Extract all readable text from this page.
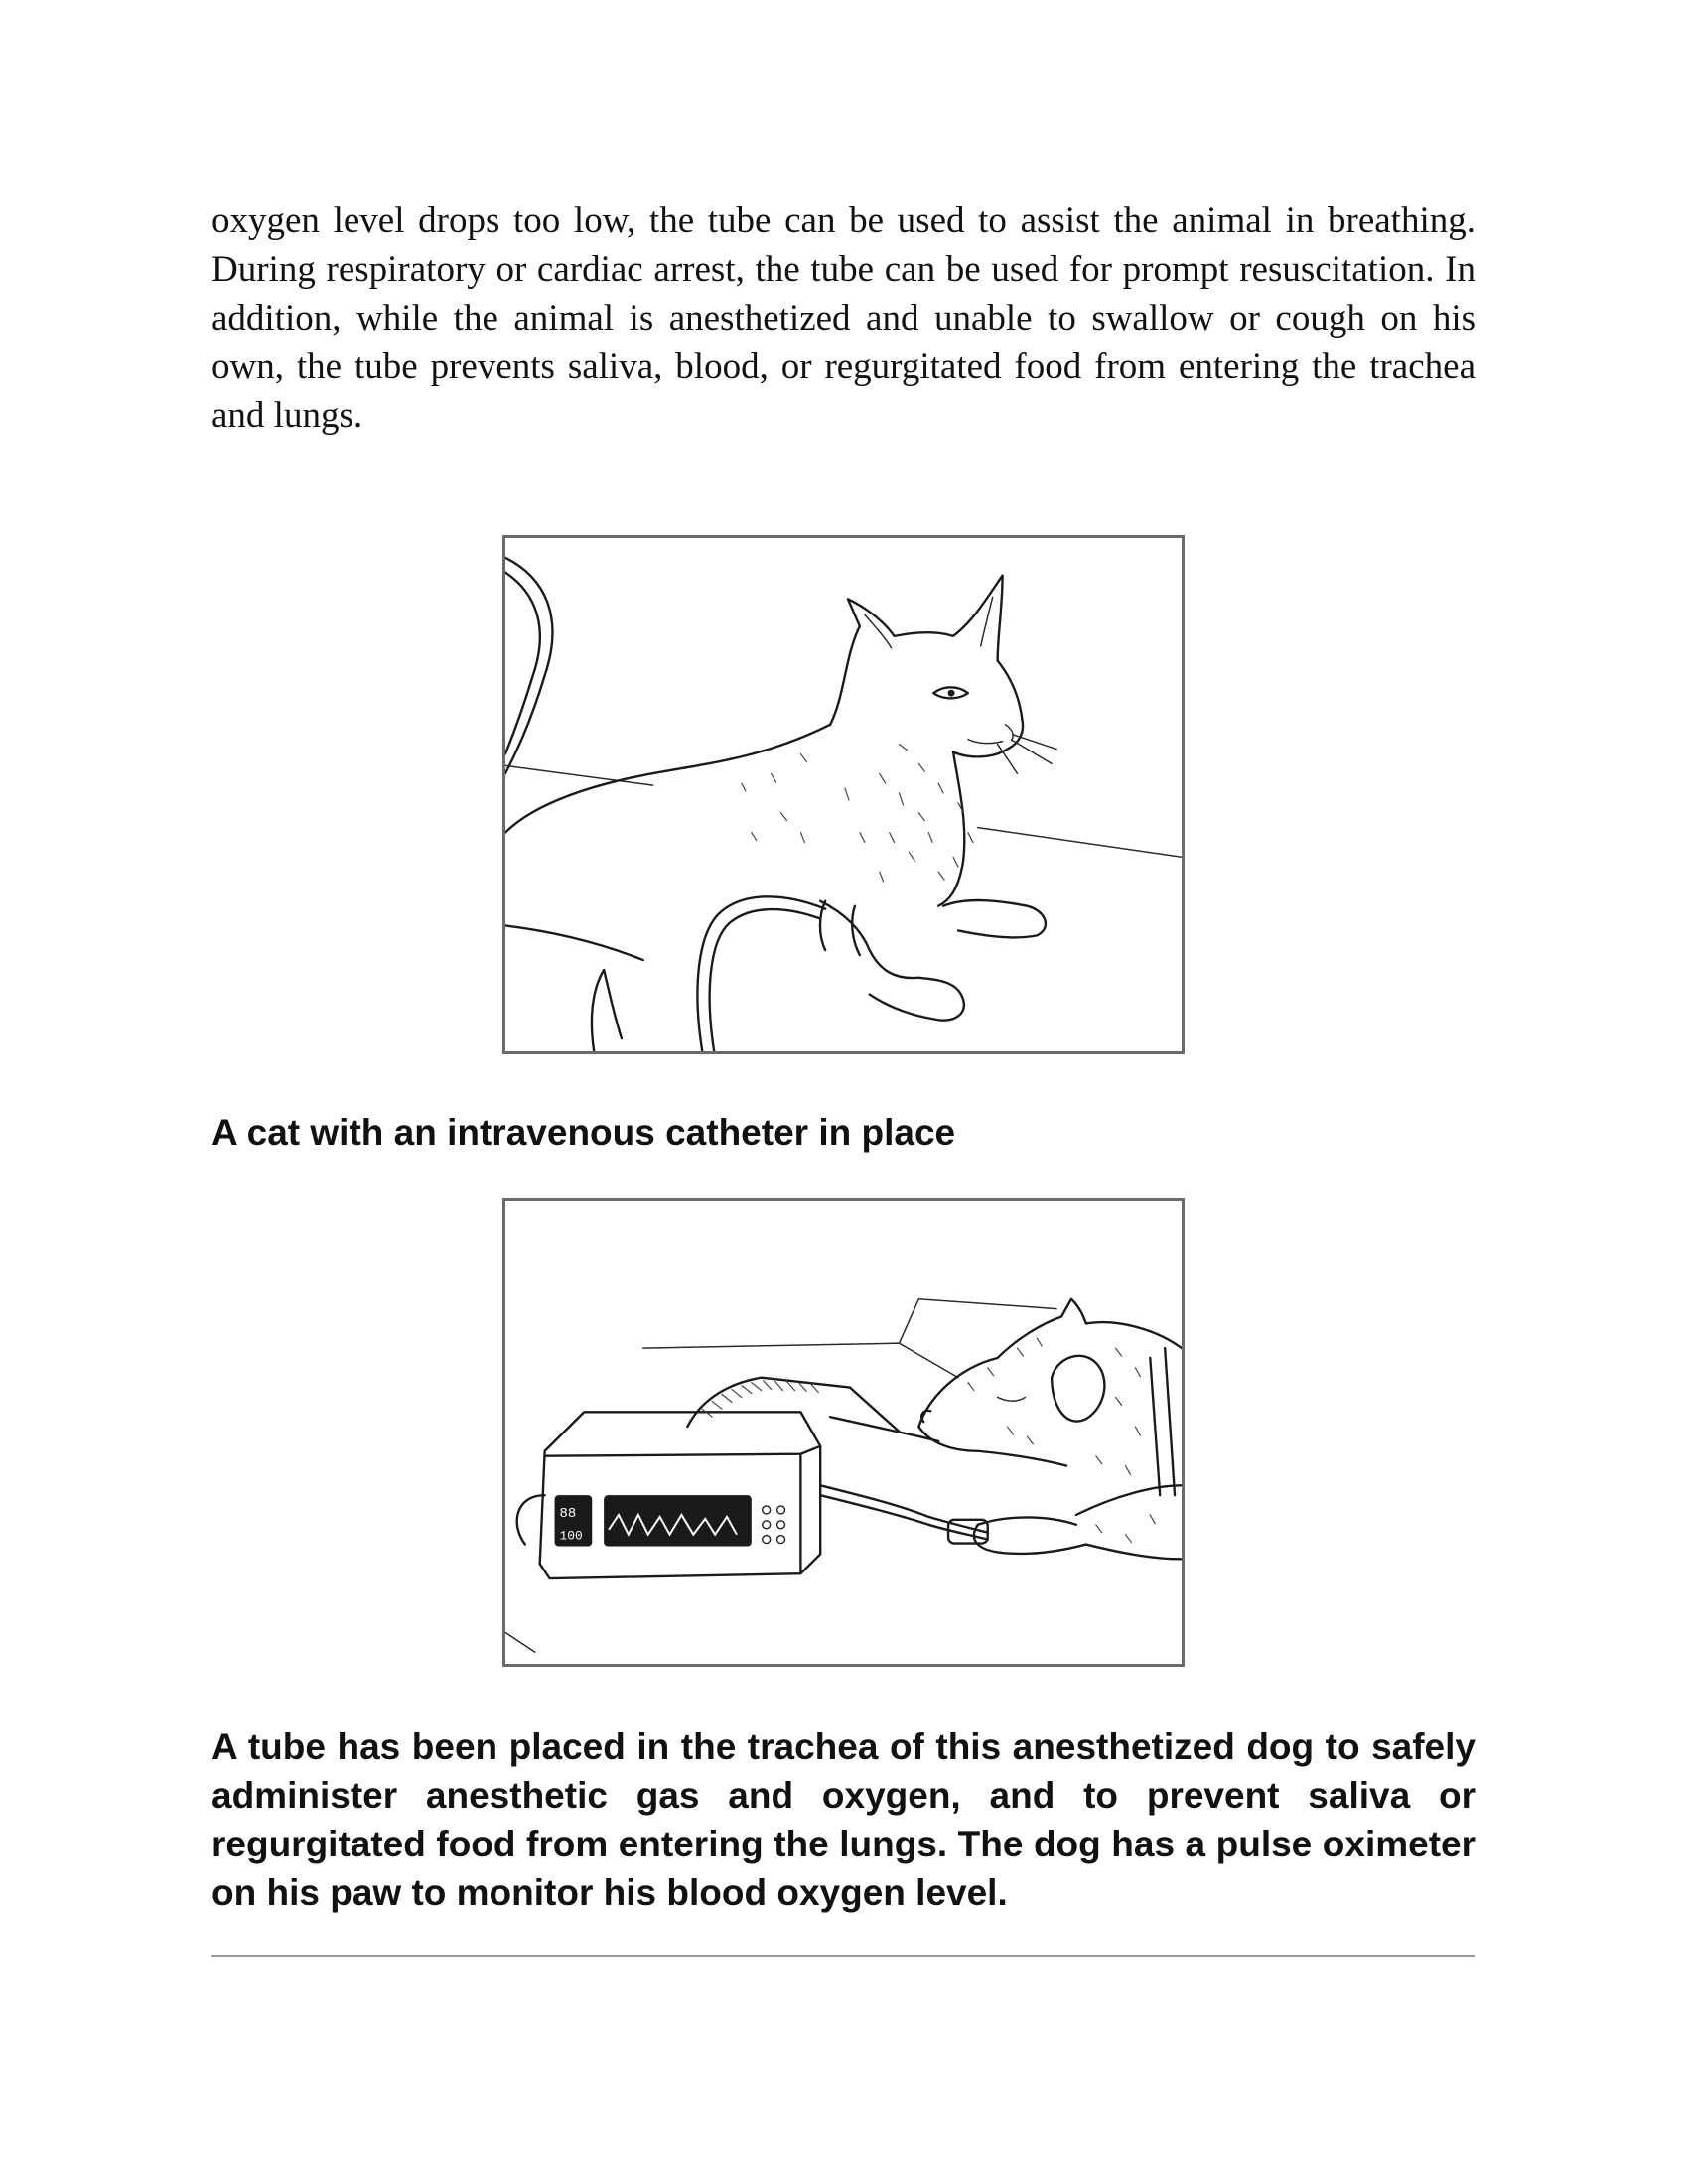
oxygen level drops too low, the tube can be used to assist the animal in breathing. During respiratory or cardiac arrest, the tube can be used for prompt resuscitation. In addition, while the animal is anesthetized and unable to swallow or cough on his own, the tube prevents saliva, blood, or regurgitated food from entering the trachea and lungs.

A cat with an intravenous catheter in place

88
100

A tube has been placed in the trachea of this anesthetized dog to safely administer anesthetic gas and oxygen, and to prevent saliva or regurgitated food from entering the lungs. The dog has a pulse oximeter on his paw to monitor his blood oxygen level.
